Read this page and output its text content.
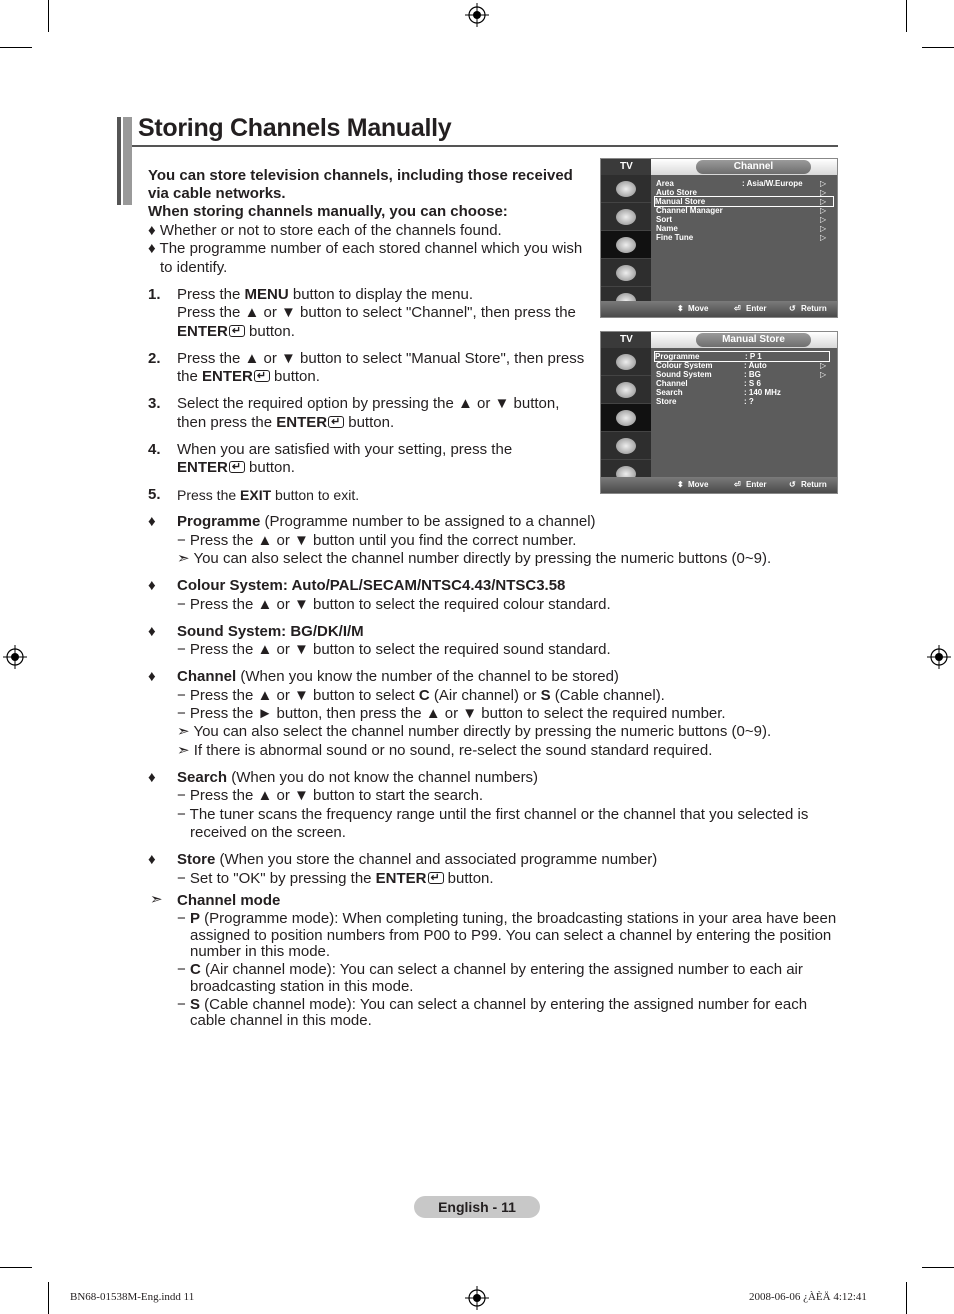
Storing Channels Manually
You can store television channels, including those received
via cable networks.
When storing channels manually, you can choose:
♦ Whether or not to store each of the channels found.
♦ The programme number of each stored channel which you wish
to identify.
1. Press the MENU button to display the menu.
Press the ▲ or ▼ button to select "Channel", then press the
ENTER↵ button.
2. Press the ▲ or ▼ button to select "Manual Store", then press
the ENTER↵ button.
3. Select the required option by pressing the ▲ or ▼ button,
then press the ENTER↵ button.
4. When you are satisfied with your setting, press the
ENTER↵ button.
5. Press the EXIT button to exit.
♦ Programme (Programme number to be assigned to a channel)
− Press the ▲ or ▼ button until you find the correct number.
➣ You can also select the channel number directly by pressing the numeric buttons (0~9).
♦ Colour System: Auto/PAL/SECAM/NTSC4.43/NTSC3.58
− Press the ▲ or ▼ button to select the required colour standard.
♦ Sound System: BG/DK/I/M
− Press the ▲ or ▼ button to select the required sound standard.
♦ Channel (When you know the number of the channel to be stored)
− Press the ▲ or ▼ button to select C (Air channel) or S (Cable channel).
− Press the ► button, then press the ▲ or ▼ button to select the required number.
➣ You can also select the channel number directly by pressing the numeric buttons (0~9).
➣ If there is abnormal sound or no sound, re-select the sound standard required.
♦ Search (When you do not know the channel numbers)
− Press the ▲ or ▼ button to start the search.
− The tuner scans the frequency range until the first channel or the channel that you selected is
received on the screen.
♦ Store (When you store the channel and associated programme number)
− Set to "OK" by pressing the ENTER↵ button.
➣ Channel mode
− P (Programme mode): When completing tuning, the broadcasting stations in your area have been
assigned to position numbers from P00 to P99. You can select a channel by entering the position
number in this mode.
− C (Air channel mode): You can select a channel by entering the assigned number to each air
broadcasting station in this mode.
− S (Cable channel mode): You can select a channel by entering the assigned number for each
cable channel in this mode.
TV	Channel
Area	: Asia/W.Europe ▷
Auto Store	▷
Manual Store	▷
Channel Manager	▷
Sort	▷
Name	▷
Fine Tune	▷
⬍ Move	⏎ Enter	↺ Return
TV	Manual Store
Programme	: P 1
Colour System	: Auto	▷
Sound System	: BG	▷
Channel	: S 6
Search	: 140 MHz
Store	: ?
⬍ Move	⏎ Enter	↺ Return
English - 11
BN68-01538M-Eng.indd 11	2008-06-06 ¿ÀÈÄ 4:12:41
